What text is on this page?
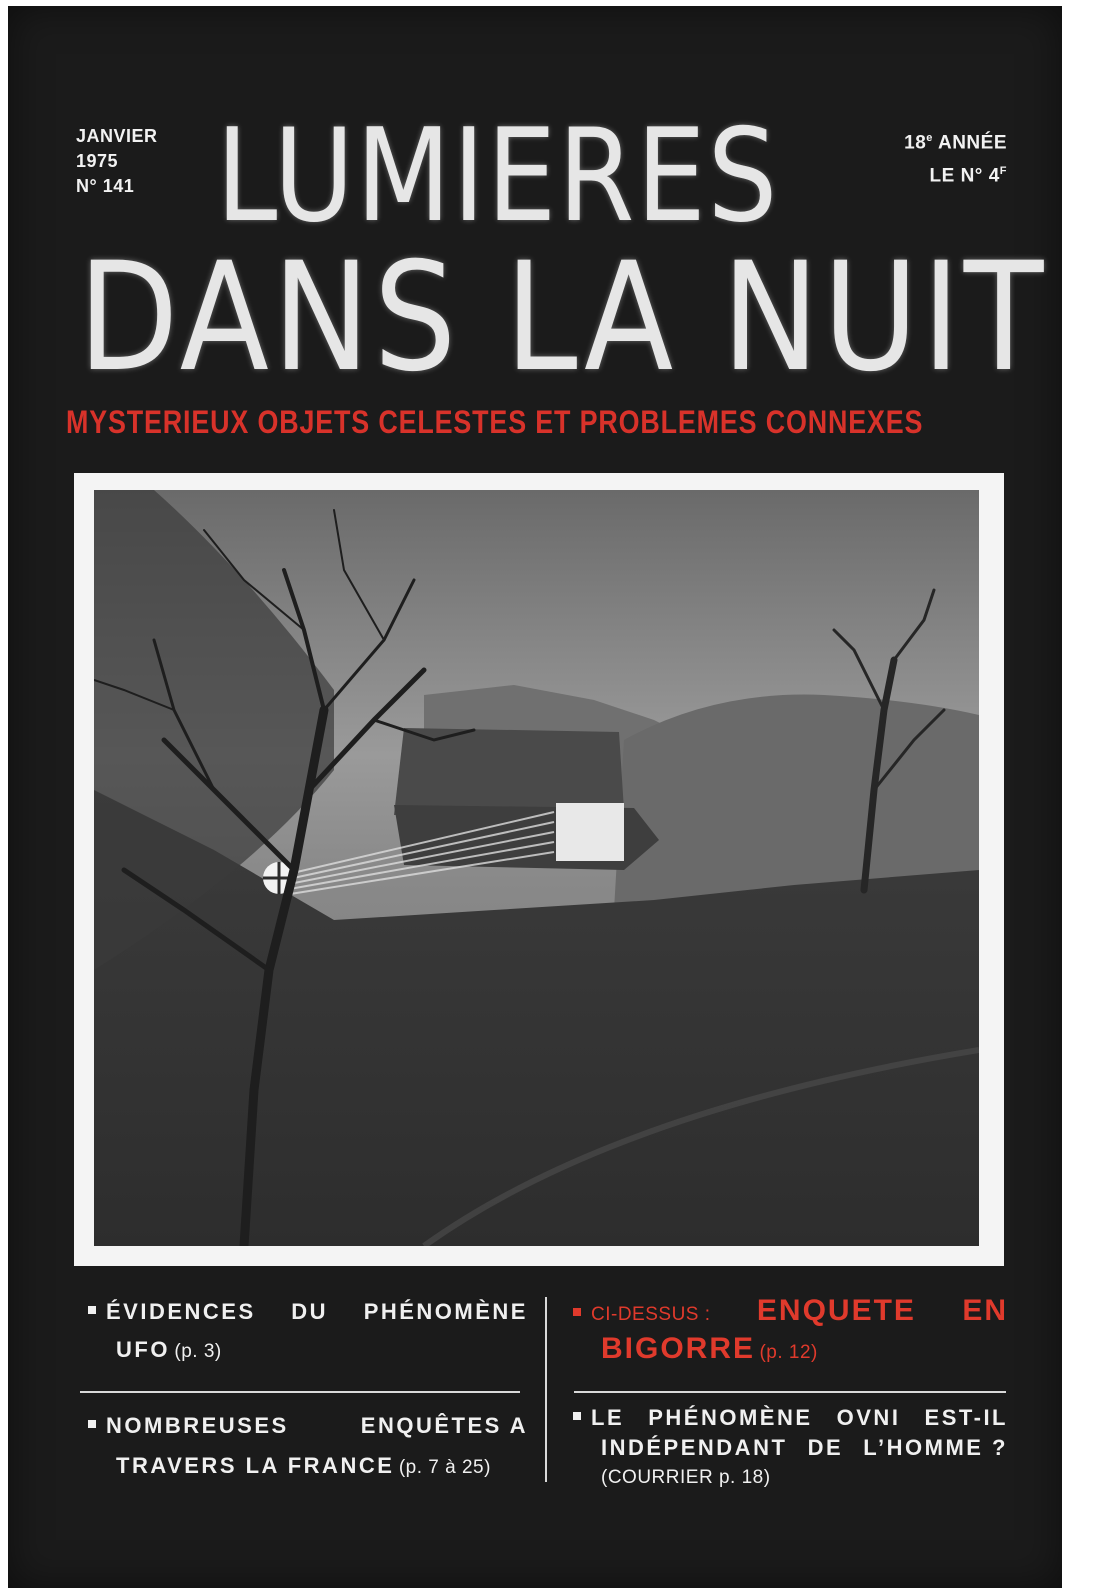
JANVIER
1975
N° 141 LUMIERES
DANS LA NUIT
18e ANNÉE
LE N° $4^F$
MYSTERIEUX OBJETS CELESTES ET PROBLEMES CONNEXES
ÉVIDENCES DU PHÉNOMÈNE
UFO (p. 3)
NOMBREUSES	ENQUÊTES A
TRAVERS LA FRANCE (p. 7 à 25)
CI-DESSUS : ENQUETE EN
BIGORRE (p. 12)
LE PHÉNOMÈNE OVNI EST-IL
INDÉPENDANT DE L’HOMME ?
(COURRIER p. 18)
